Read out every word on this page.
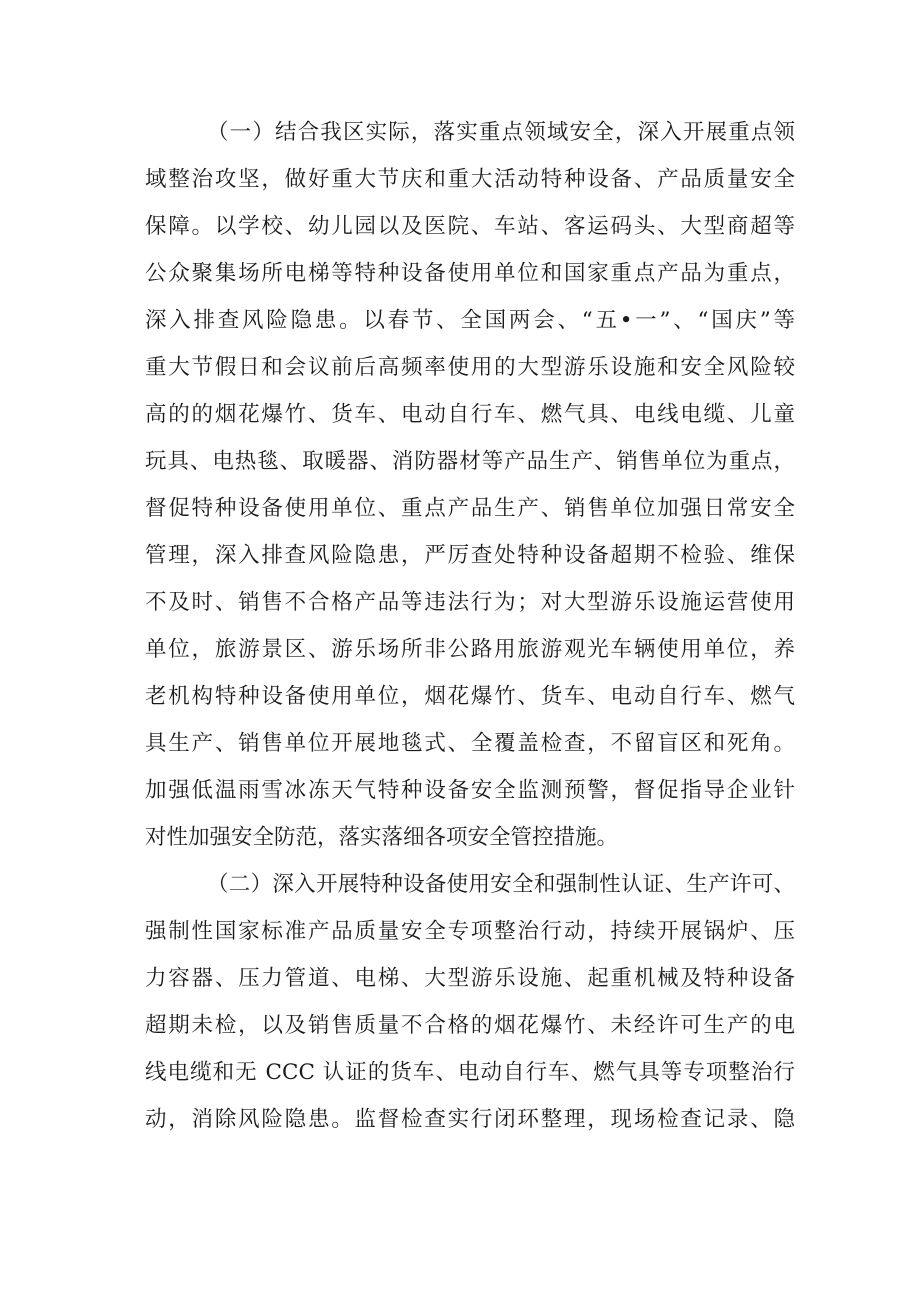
（一）结合我区实际，落实重点领域安全，深入开展重点领
域整治攻坚，做好重大节庆和重大活动特种设备、产品质量安全
保障。以学校、幼儿园以及医院、车站、客运码头、大型商超等
公众聚集场所电梯等特种设备使用单位和国家重点产品为重点，
深入排查风险隐患。以春节、全国两会、“五•一”、“国庆”等
重大节假日和会议前后高频率使用的大型游乐设施和安全风险较
高的的烟花爆竹、货车、电动自行车、燃气具、电线电缆、儿童
玩具、电热毯、取暖器、消防器材等产品生产、销售单位为重点，
督促特种设备使用单位、重点产品生产、销售单位加强日常安全
管理，深入排查风险隐患，严厉查处特种设备超期不检验、维保
不及时、销售不合格产品等违法行为；对大型游乐设施运营使用
单位，旅游景区、游乐场所非公路用旅游观光车辆使用单位，养
老机构特种设备使用单位，烟花爆竹、货车、电动自行车、燃气
具生产、销售单位开展地毯式、全覆盖检查，不留盲区和死角。
加强低温雨雪冰冻天气特种设备安全监测预警，督促指导企业针
对性加强安全防范，落实落细各项安全管控措施。
（二）深入开展特种设备使用安全和强制性认证、生产许可、
强制性国家标准产品质量安全专项整治行动，持续开展锅炉、压
力容器、压力管道、电梯、大型游乐设施、起重机械及特种设备
超期未检，以及销售质量不合格的烟花爆竹、未经许可生产的电
线电缆和无 CCC 认证的货车、电动自行车、燃气具等专项整治行
动，消除风险隐患。监督检查实行闭环整理，现场检查记录、隐
